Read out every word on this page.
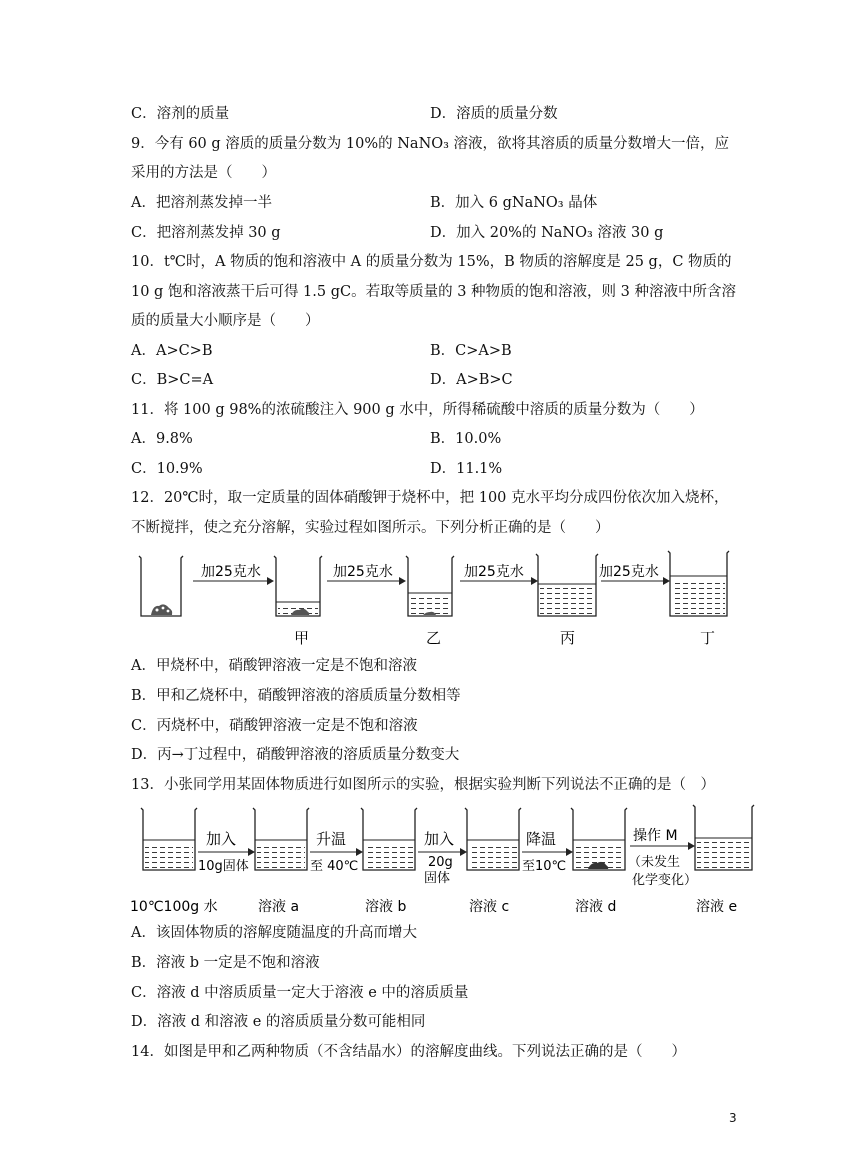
C．溶剂的质量	D．溶质的质量分数
9．今有 60 g 溶质的质量分数为 10%的 NaNO₃ 溶液，欲将其溶质的质量分数增大一倍，应
采用的方法是（　　）
A．把溶剂蒸发掉一半	B．加入 6 gNaNO₃ 晶体
C．把溶剂蒸发掉 30 g	D．加入 20%的 NaNO₃ 溶液 30 g
10．t℃时，A 物质的饱和溶液中 A 的质量分数为 15%，B 物质的溶解度是 25 g，C 物质的
10 g 饱和溶液蒸干后可得 1.5 gC。若取等质量的 3 种物质的饱和溶液，则 3 种溶液中所含溶
质的质量大小顺序是（　　）
A．A>C>B	B．C>A>B
C．B>C=A	D．A>B>C
11．将 100 g 98%的浓硫酸注入 900 g 水中，所得稀硫酸中溶质的质量分数为（　　）
A．9.8%	B．10.0%
C．10.9%	D．11.1%
12．20℃时，取一定质量的固体硝酸钾于烧杯中，把 100 克水平均分成四份依次加入烧杯，
不断搅拌，使之充分溶解，实验过程如图所示。下列分析正确的是（　　）
加25克水	加25克水	加25克水	加25克水
甲	乙	丙	丁
A．甲烧杯中，硝酸钾溶液一定是不饱和溶液
B．甲和乙烧杯中，硝酸钾溶液的溶质质量分数相等
C．丙烧杯中，硝酸钾溶液一定是不饱和溶液
D．丙→丁过程中，硝酸钾溶液的溶质质量分数变大
13．小张同学用某固体物质进行如图所示的实验，根据实验判断下列说法不正确的是（　）
加入
10g固体
升温
至 40℃
加入
20g
固体
降温
至10℃
操作 M
（未发生
化学变化）
10℃100g 水	溶液 a	溶液 b	溶液 c	溶液 d	溶液 e
A．该固体物质的溶解度随温度的升高而增大
B．溶液 b 一定是不饱和溶液
C．溶液 d 中溶质质量一定大于溶液 e 中的溶质质量
D．溶液 d 和溶液 e 的溶质质量分数可能相同
14．如图是甲和乙两种物质（不含结晶水）的溶解度曲线。下列说法正确的是（　　）
3
